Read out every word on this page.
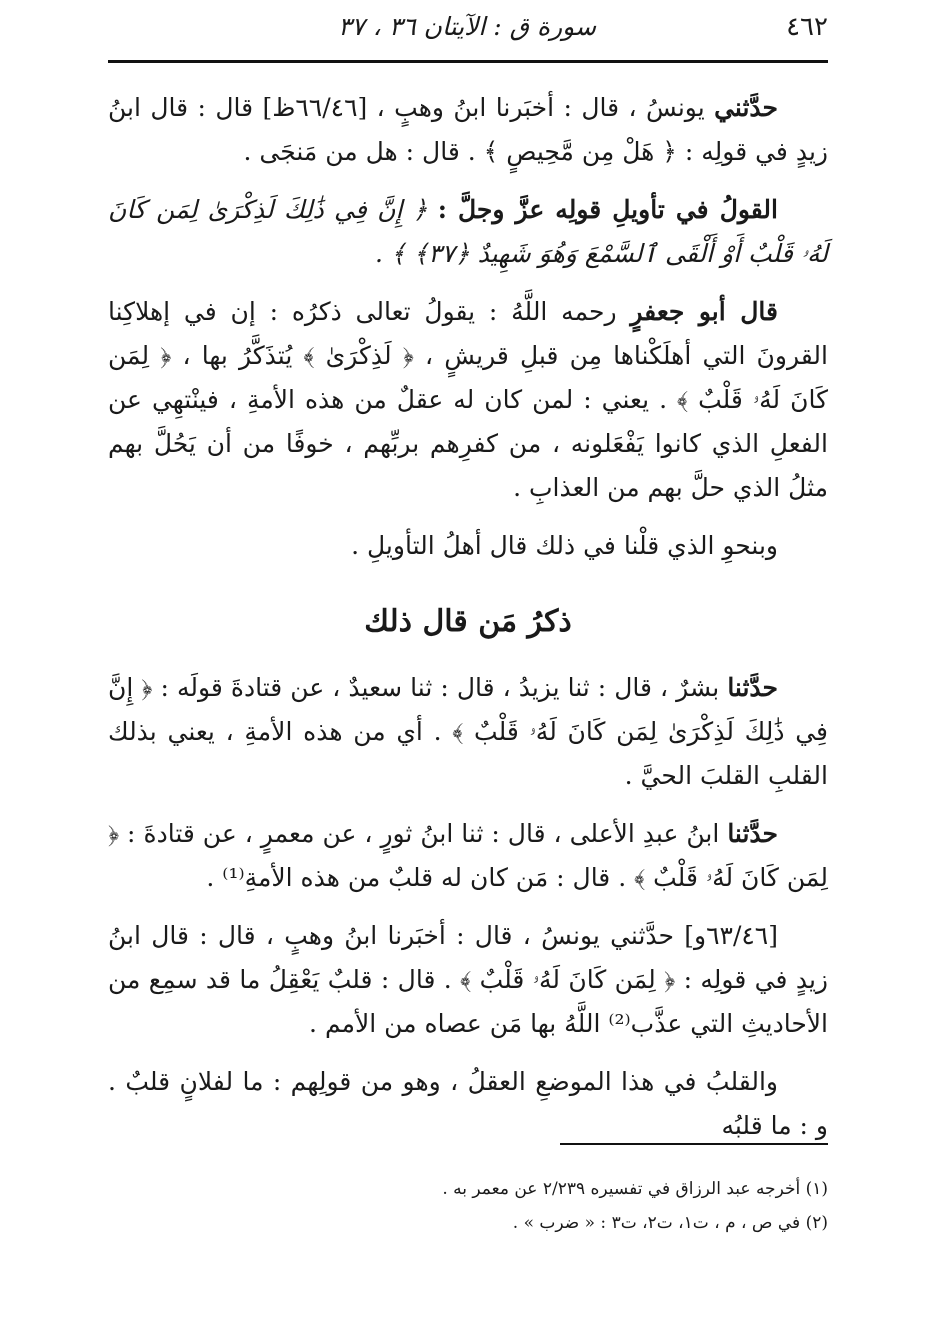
٤٦٢
سورة ق : الآيتان ٣٦ ، ٣٧

حدَّثني يونسُ ، قال : أخبَرنا ابنُ وهبٍ ، [٦٦/٤٦ظ] قال : قال ابنُ زيدٍ في قولِه : ﴿ هَلْ مِن مَّحِيصٍ ﴾ . قال : هل من مَنجَى .

القولُ في تأويلِ قولِه عزَّ وجلَّ : ﴿ إِنَّ فِي ذَٰلِكَ لَذِكْرَىٰ لِمَن كَانَ لَهُۥ قَلْبٌ أَوْ أَلْقَى ٱلسَّمْعَ وَهُوَ شَهِيدٌ ﴿٣٧﴾ ﴾ .

قال أبو جعفرٍ رحمه اللَّهُ : يقولُ تعالى ذكرُه : إن في إهلاكِنا القرونَ التي أهلَكْناها مِن قبلِ قريشٍ ، ﴿ لَذِكْرَىٰ ﴾ يُتذَكَّرُ بها ، ﴿ لِمَن كَانَ لَهُۥ قَلْبٌ ﴾ . يعني : لمن كان له عقلٌ من هذه الأمةِ ، فينْتهِي عن الفعلِ الذي كانوا يَفْعَلونه ، من كفرِهم بربِّهم ، خوفًا من أن يَحُلَّ بهم مثلُ الذي حلَّ بهم من العذابِ .

وبنحوِ الذي قلْنا في ذلك قال أهلُ التأويلِ .

ذكرُ مَن قال ذلك

حدَّثنا بشرٌ ، قال : ثنا يزيدُ ، قال : ثنا سعيدٌ ، عن قتادةَ قولَه : ﴿ إِنَّ فِي ذَٰلِكَ لَذِكْرَىٰ لِمَن كَانَ لَهُۥ قَلْبٌ ﴾ . أي من هذه الأمةِ ، يعني بذلك القلبِ القلبَ الحيَّ .

حدَّثنا ابنُ عبدِ الأعلى ، قال : ثنا ابنُ ثورٍ ، عن معمرٍ ، عن قتادةَ : ﴿ لِمَن كَانَ لَهُۥ قَلْبٌ ﴾ . قال : مَن كان له قلبٌ من هذه الأمةِ⁽¹⁾ .

[٦٣/٤٦و] حدَّثني يونسُ ، قال : أخبَرنا ابنُ وهبٍ ، قال : قال ابنُ زيدٍ في قولِه : ﴿ لِمَن كَانَ لَهُۥ قَلْبٌ ﴾ . قال : قلبٌ يَعْقِلُ ما قد سمِع من الأحاديثِ التي عذَّب⁽²⁾ اللَّهُ بها مَن عصاه من الأمم .

والقلبُ في هذا الموضعِ العقلُ ، وهو من قولِهم : ما لفلانٍ قلبٌ . و : ما قلبُه

(١) أخرجه عبد الرزاق في تفسيره ٢/٢٣٩ عن معمر به .

(٢) في ص ، م ، ت١، ت٢، ت٣ : « ضرب » .
